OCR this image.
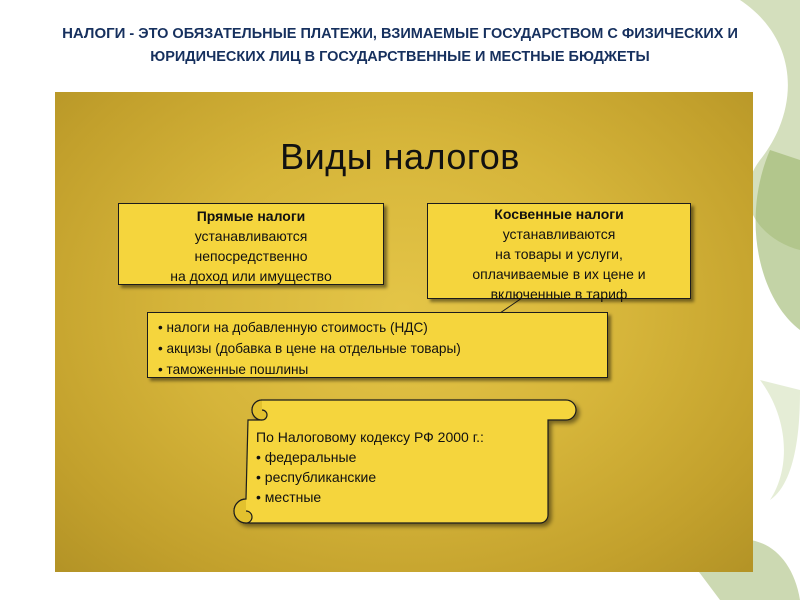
НАЛОГИ - ЭТО ОБЯЗАТЕЛЬНЫЕ ПЛАТЕЖИ, ВЗИМАЕМЫЕ ГОСУДАРСТВОМ С ФИЗИЧЕСКИХ И ЮРИДИЧЕСКИХ ЛИЦ В ГОСУДАРСТВЕННЫЕ И МЕСТНЫЕ БЮДЖЕТЫ
Виды налогов
Прямые налоги
устанавливаются
непосредственно
на доход или имущество
Косвенные налоги
устанавливаются
на товары и услуги,
оплачиваемые в их цене и
включенные в тариф
• налоги на добавленную стоимость (НДС)
• акцизы (добавка в цене на отдельные товары)
• таможенные пошлины
По Налоговому кодексу РФ 2000 г.:
• федеральные
• республиканские
• местные
